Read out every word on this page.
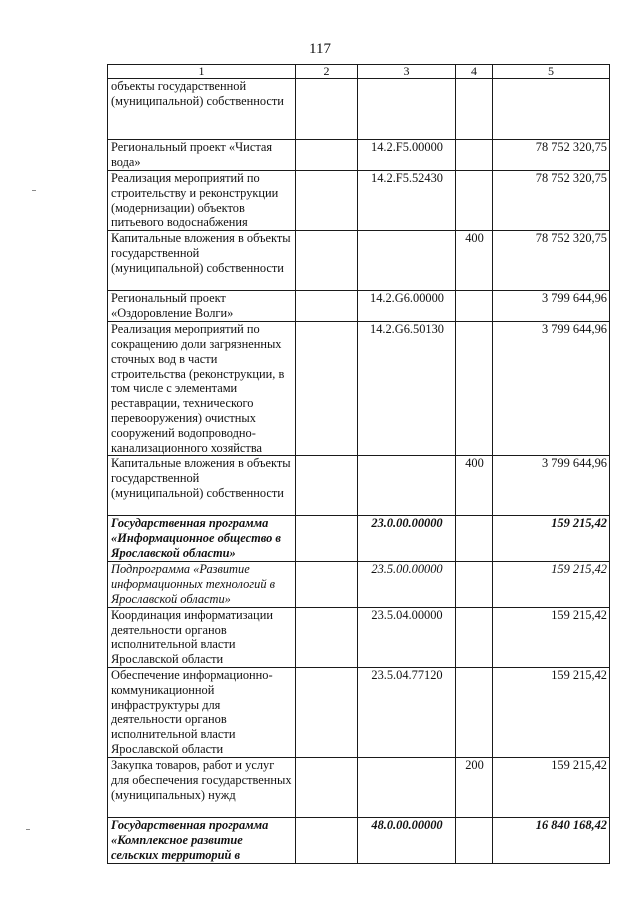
117
1	2	3	4	5
объекты государственной (муниципальной) собственности				
Региональный проект «Чистая вода»		14.2.F5.00000		78 752 320,75
Реализация мероприятий по строительству и реконструкции (модернизации) объектов питьевого водоснабжения		14.2.F5.52430		78 752 320,75
Капитальные вложения в объекты государственной (муниципальной) собственности			400	78 752 320,75
Региональный проект «Оздоровление Волги»		14.2.G6.00000		3 799 644,96
Реализация мероприятий по сокращению доли загрязненных сточных вод в части строительства (реконструкции, в том числе с элементами реставрации, технического перевооружения) очистных сооружений водопроводно-канализационного хозяйства		14.2.G6.50130		3 799 644,96
Капитальные вложения в объекты государственной (муниципальной) собственности			400	3 799 644,96
Государственная программа «Информационное общество в Ярославской области»		23.0.00.00000		159 215,42
Подпрограмма «Развитие информационных технологий в Ярославской области»		23.5.00.00000		159 215,42
Координация информатизации деятельности органов исполнительной власти Ярославской области		23.5.04.00000		159 215,42
Обеспечение информационно-коммуникационной инфраструктуры для деятельности органов исполнительной власти Ярославской области		23.5.04.77120		159 215,42
Закупка товаров, работ и услуг для обеспечения государственных (муниципальных) нужд			200	159 215,42
Государственная программа «Комплексное развитие сельских территорий в		48.0.00.00000		16 840 168,42
